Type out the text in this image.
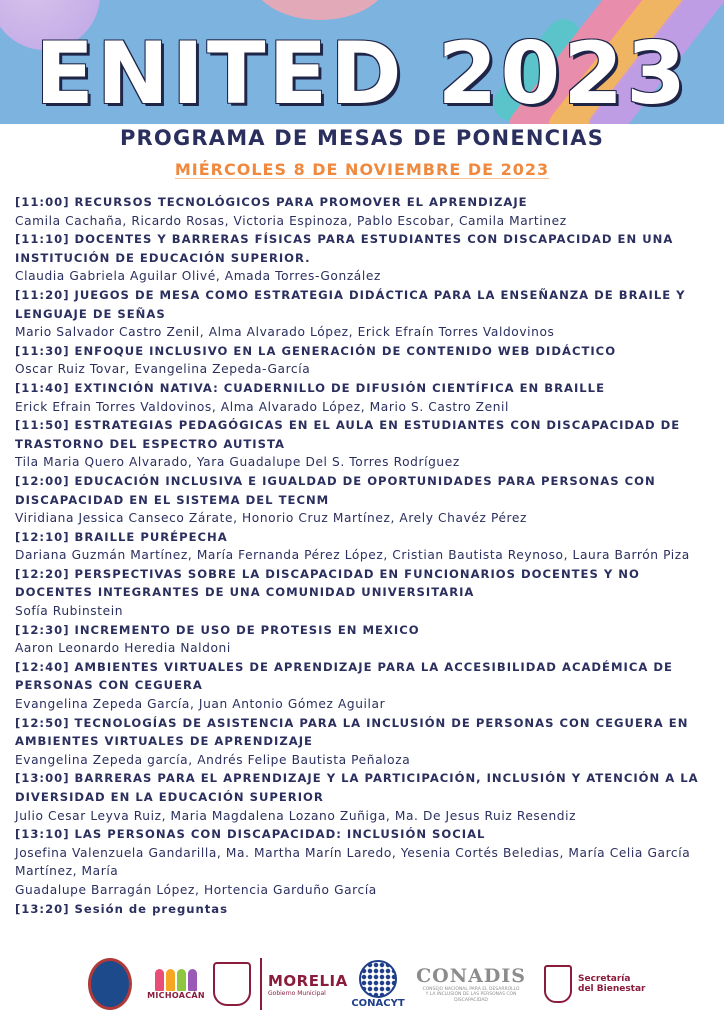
ENITED 2023
PROGRAMA DE MESAS DE PONENCIAS
MIÉRCOLES 8 DE NOVIEMBRE DE 2023
[11:00] RECURSOS TECNOLÓGICOS PARA PROMOVER EL APRENDIZAJE
Camila Cachaña, Ricardo Rosas, Victoria Espinoza, Pablo Escobar, Camila Martinez
[11:10] DOCENTES Y BARRERAS FÍSICAS PARA ESTUDIANTES CON DISCAPACIDAD EN UNA INSTITUCIÓN DE EDUCACIÓN SUPERIOR.
Claudia Gabriela Aguilar Olivé, Amada Torres-González
[11:20] JUEGOS DE MESA COMO ESTRATEGIA DIDÁCTICA PARA LA ENSEÑANZA DE BRAILE Y LENGUAJE DE SEÑAS
Mario Salvador Castro Zenil, Alma Alvarado López, Erick Efraín Torres Valdovinos
[11:30] ENFOQUE INCLUSIVO EN LA GENERACIÓN DE CONTENIDO WEB DIDÁCTICO
Oscar Ruiz Tovar, Evangelina Zepeda-García
[11:40] EXTINCIÓN NATIVA: CUADERNILLO DE DIFUSIÓN CIENTÍFICA EN BRAILLE
Erick Efrain Torres Valdovinos, Alma Alvarado López, Mario S. Castro Zenil
[11:50] ESTRATEGIAS PEDAGÓGICAS EN EL AULA EN ESTUDIANTES CON DISCAPACIDAD DE TRASTORNO DEL ESPECTRO AUTISTA
Tila Maria Quero Alvarado, Yara Guadalupe Del S. Torres Rodríguez
[12:00] EDUCACIÓN INCLUSIVA E IGUALDAD DE OPORTUNIDADES PARA PERSONAS CON DISCAPACIDAD EN EL SISTEMA DEL TECNM
Viridiana Jessica Canseco Zárate, Honorio Cruz Martínez, Arely Chavéz Pérez
[12:10] BRAILLE PURÉPECHA
Dariana Guzmán Martínez, María Fernanda Pérez López, Cristian Bautista Reynoso, Laura Barrón Piza
[12:20] PERSPECTIVAS SOBRE LA DISCAPACIDAD EN FUNCIONARIOS DOCENTES Y NO DOCENTES INTEGRANTES DE UNA COMUNIDAD UNIVERSITARIA
Sofía Rubinstein
[12:30] INCREMENTO DE USO DE PROTESIS EN MEXICO
Aaron Leonardo Heredia Naldoni
[12:40] AMBIENTES VIRTUALES DE APRENDIZAJE PARA LA ACCESIBILIDAD ACADÉMICA DE PERSONAS CON CEGUERA
Evangelina Zepeda García, Juan Antonio Gómez Aguilar
[12:50] TECNOLOGÍAS DE ASISTENCIA PARA LA INCLUSIÓN DE PERSONAS CON CEGUERA EN AMBIENTES VIRTUALES DE APRENDIZAJE
Evangelina Zepeda garcía, Andrés Felipe Bautista Peñaloza
[13:00] BARRERAS PARA EL APRENDIZAJE Y LA PARTICIPACIÓN, INCLUSIÓN Y ATENCIÓN A LA DIVERSIDAD EN LA EDUCACIÓN SUPERIOR
Julio Cesar Leyva Ruiz, Maria Magdalena Lozano Zuñiga, Ma. De Jesus Ruiz Resendiz
[13:10] LAS PERSONAS CON DISCAPACIDAD: INCLUSIÓN SOCIAL
Josefina Valenzuela Gandarilla, Ma. Martha Marín Laredo, Yesenia Cortés Beledias, María Celia García Martínez, María
Guadalupe Barragán López, Hortencia Garduño García
[13:20] Sesión de preguntas
MICHOACÁN
MORELIA
Gobierno Municipal
CONACYT
CONADIS
CONSEJO NACIONAL PARA EL DESARROLLO Y LA INCLUSIÓN DE LAS PERSONAS CON DISCAPACIDAD
Secretaría del Bienestar
